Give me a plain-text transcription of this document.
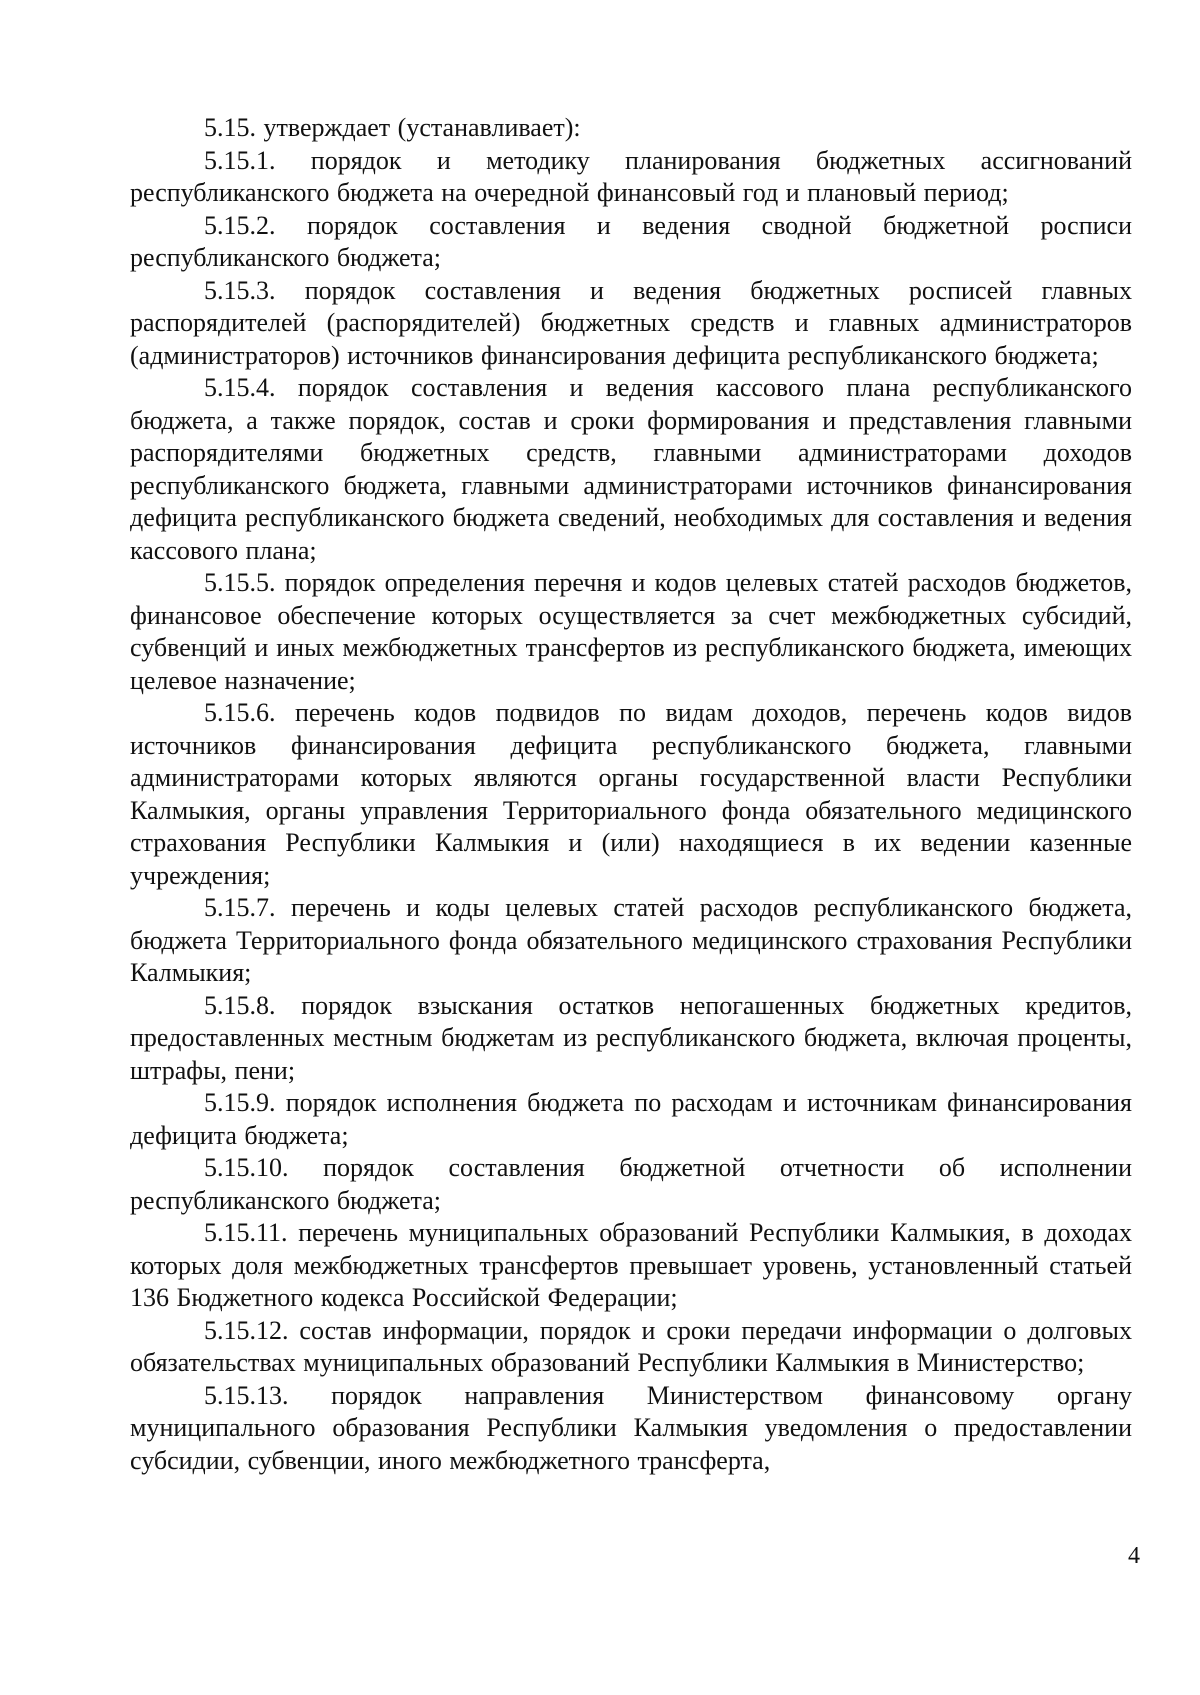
5.15. утверждает (устанавливает):

5.15.1. порядок и методику планирования бюджетных ассигнований республиканского бюджета на очередной финансовый год и плановый период;

5.15.2. порядок составления и ведения сводной бюджетной росписи республиканского бюджета;

5.15.3. порядок составления и ведения бюджетных росписей главных распорядителей (распорядителей) бюджетных средств и главных администраторов (администраторов) источников финансирования дефицита республиканского бюджета;

5.15.4. порядок составления и ведения кассового плана республиканского бюджета, а также порядок, состав и сроки формирования и представления главными распорядителями бюджетных средств, главными администраторами доходов республиканского бюджета, главными администраторами источников финансирования дефицита республиканского бюджета сведений, необходимых для составления и ведения кассового плана;

5.15.5. порядок определения перечня и кодов целевых статей расходов бюджетов, финансовое обеспечение которых осуществляется за счет межбюджетных субсидий, субвенций и иных межбюджетных трансфертов из республиканского бюджета, имеющих целевое назначение;

5.15.6. перечень кодов подвидов по видам доходов, перечень кодов видов источников финансирования дефицита республиканского бюджета, главными администраторами которых являются органы государственной власти Республики Калмыкия, органы управления Территориального фонда обязательного медицинского страхования Республики Калмыкия и (или) находящиеся в их ведении казенные учреждения;

5.15.7. перечень и коды целевых статей расходов республиканского бюджета, бюджета Территориального фонда обязательного медицинского страхования Республики Калмыкия;

5.15.8. порядок взыскания остатков непогашенных бюджетных кредитов, предоставленных местным бюджетам из республиканского бюджета, включая проценты, штрафы, пени;

5.15.9. порядок исполнения бюджета по расходам и источникам финансирования дефицита бюджета;

5.15.10. порядок составления бюджетной отчетности об исполнении республиканского бюджета;

5.15.11. перечень муниципальных образований Республики Калмыкия, в доходах которых доля межбюджетных трансфертов превышает уровень, установленный статьей 136 Бюджетного кодекса Российской Федерации;

5.15.12. состав информации, порядок и сроки передачи информации о долговых обязательствах муниципальных образований Республики Калмыкия в Министерство;

5.15.13. порядок направления Министерством финансовому органу муниципального образования Республики Калмыкия уведомления о предоставлении субсидии, субвенции, иного межбюджетного трансферта,

4
